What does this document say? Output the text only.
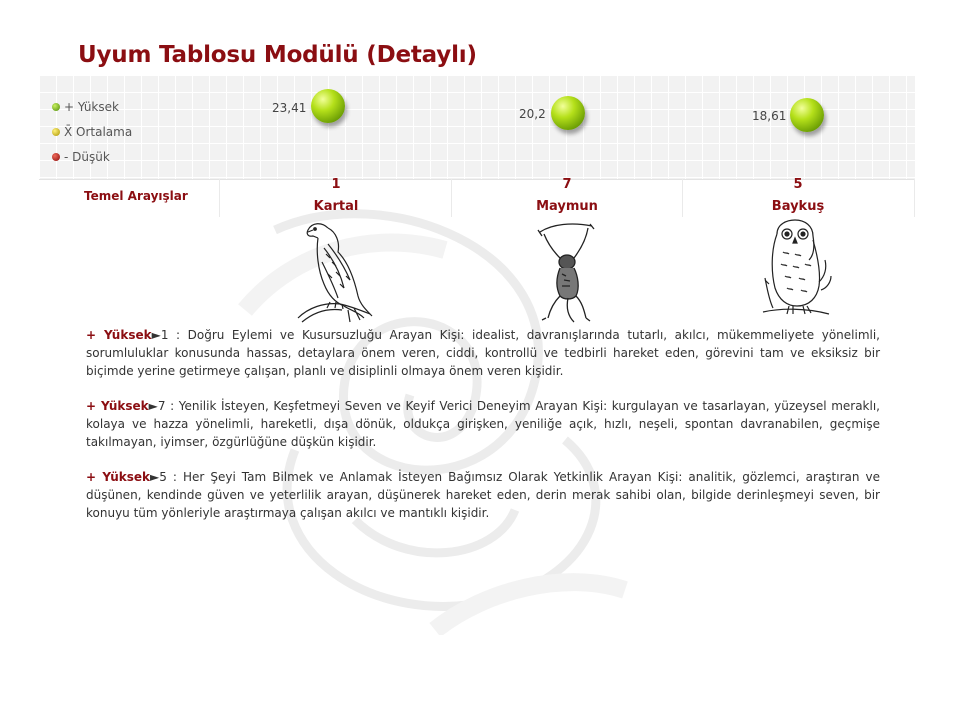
Uyum Tablosu Modülü (Detaylı)
+ Yüksek
X̄ Ortalama
- Düşük
23,41	20,2	18,61
Temel Arayışlar
1
Kartal
7
Maymun
5
Baykuş
+ Yüksek►1 : Doğru Eylemi ve Kusursuzluğu Arayan Kişi: idealist, davranışlarında tutarlı, akılcı, mükemmeliyete yönelimli, sorumluluklar konusunda hassas, detaylara önem veren, ciddi, kontrollü ve tedbirli hareket eden, görevini tam ve eksiksiz bir biçimde yerine getirmeye çalışan, planlı ve disiplinli olmaya önem veren kişidir.
+ Yüksek►7 : Yenilik İsteyen, Keşfetmeyi Seven ve Keyif Verici Deneyim Arayan Kişi: kurgulayan ve tasarlayan, yüzeysel meraklı, kolaya ve hazza yönelimli, hareketli, dışa dönük, oldukça girişken, yeniliğe açık, hızlı, neşeli, spontan davranabilen, geçmişe takılmayan, iyimser, özgürlüğüne düşkün kişidir.
+ Yüksek►5 : Her Şeyi Tam Bilmek ve Anlamak İsteyen Bağımsız Olarak Yetkinlik Arayan Kişi: analitik, gözlemci, araştıran ve düşünen, kendinde güven ve yeterlilik arayan, düşünerek hareket eden, derin merak sahibi olan, bilgide derinleşmeyi seven, bir konuyu tüm yönleriyle araştırmaya çalışan akılcı ve mantıklı kişidir.
